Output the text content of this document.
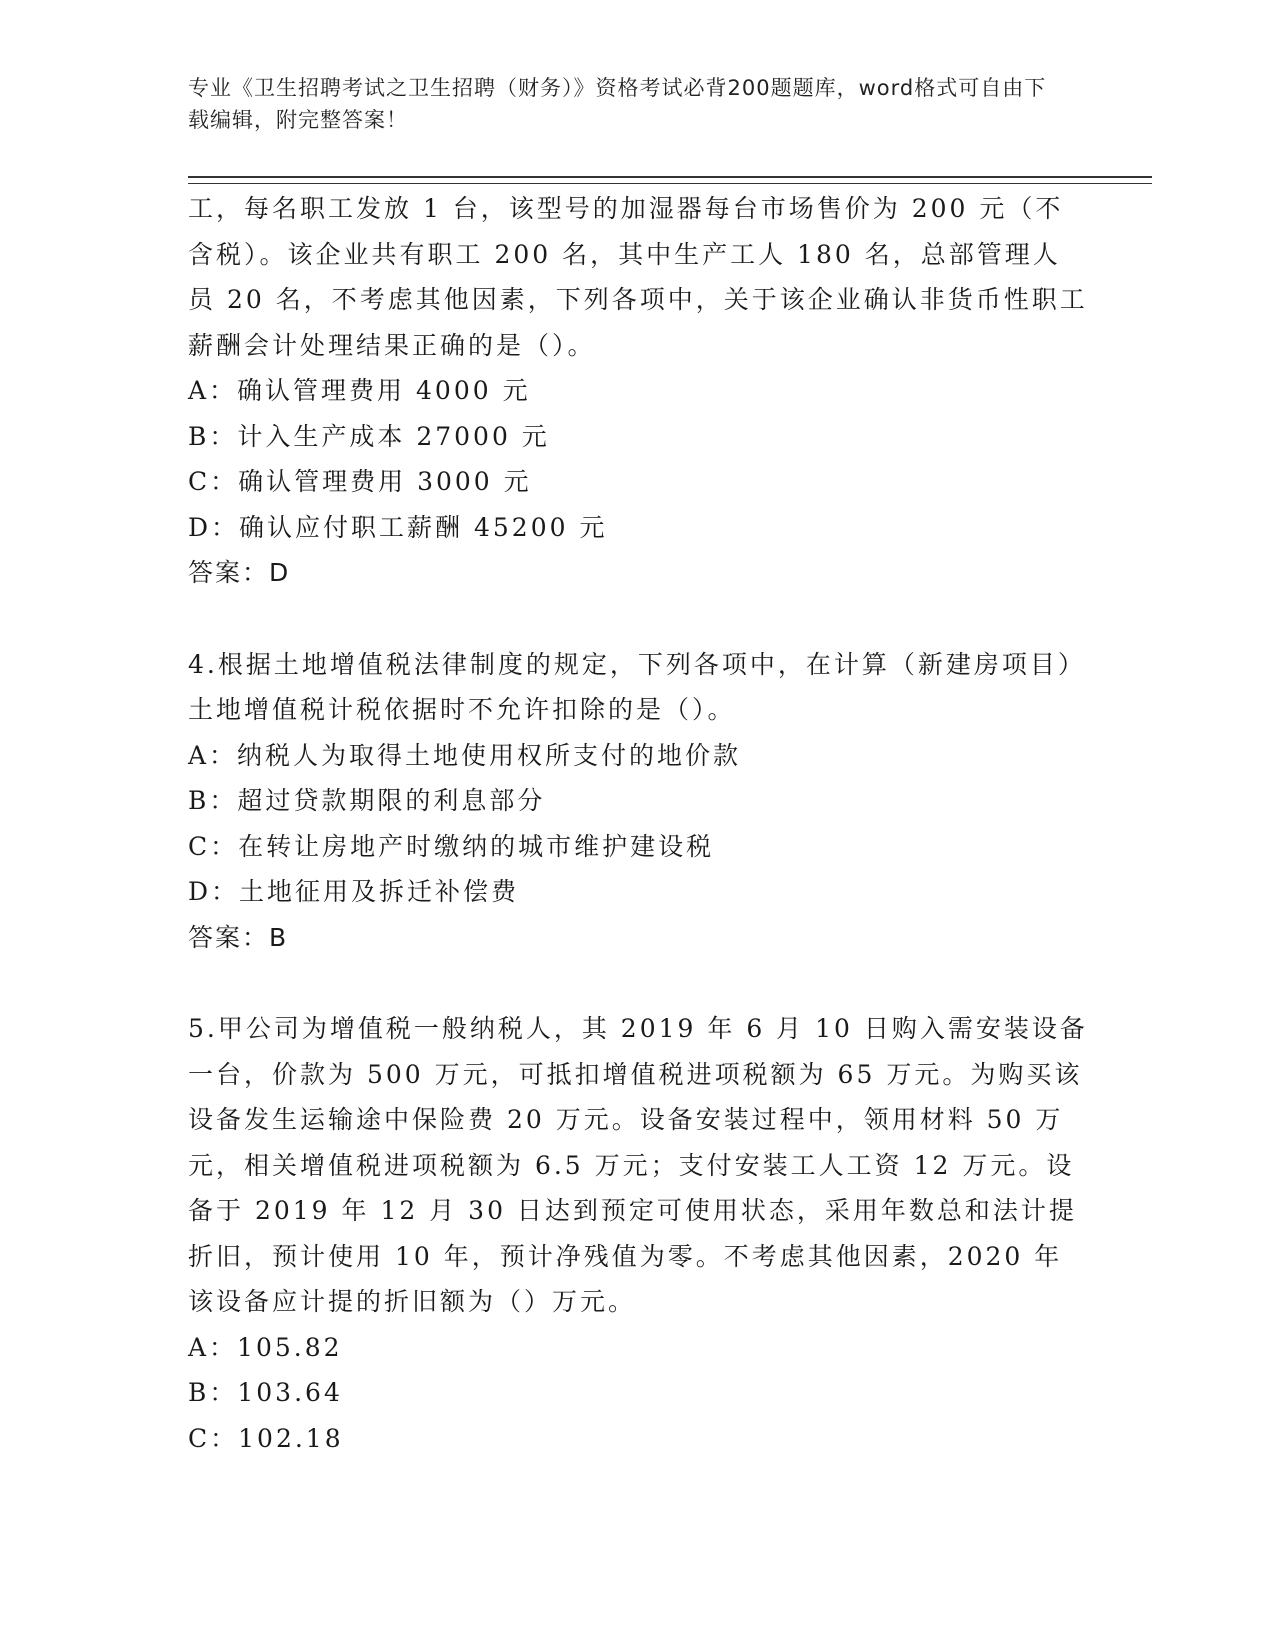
专业《卫生招聘考试之卫生招聘（财务）》资格考试必背200题题库，word格式可自由下载编辑，附完整答案！
工，每名职工发放 1 台，该型号的加湿器每台市场售价为 200 元（不含税）。该企业共有职工 200 名，其中生产工人 180 名，总部管理人员 20 名，不考虑其他因素，下列各项中，关于该企业确认非货币性职工薪酬会计处理结果正确的是（）。
A：确认管理费用 4000 元
B：计入生产成本 27000 元
C：确认管理费用 3000 元
D：确认应付职工薪酬 45200 元
答案：D
4.根据土地增值税法律制度的规定，下列各项中，在计算（新建房项目）土地增值税计税依据时不允许扣除的是（）。
A：纳税人为取得土地使用权所支付的地价款
B：超过贷款期限的利息部分
C：在转让房地产时缴纳的城市维护建设税
D：土地征用及拆迁补偿费
答案：B
5.甲公司为增值税一般纳税人，其 2019 年 6 月 10 日购入需安装设备一台，价款为 500 万元，可抵扣增值税进项税额为 65 万元。为购买该设备发生运输途中保险费 20 万元。设备安装过程中，领用材料 50 万元，相关增值税进项税额为 6.5 万元；支付安装工人工资 12 万元。设备于 2019 年 12 月 30 日达到预定可使用状态，采用年数总和法计提折旧，预计使用 10 年，预计净残值为零。不考虑其他因素，2020 年该设备应计提的折旧额为（）万元。
A：105.82
B：103.64
C：102.18
